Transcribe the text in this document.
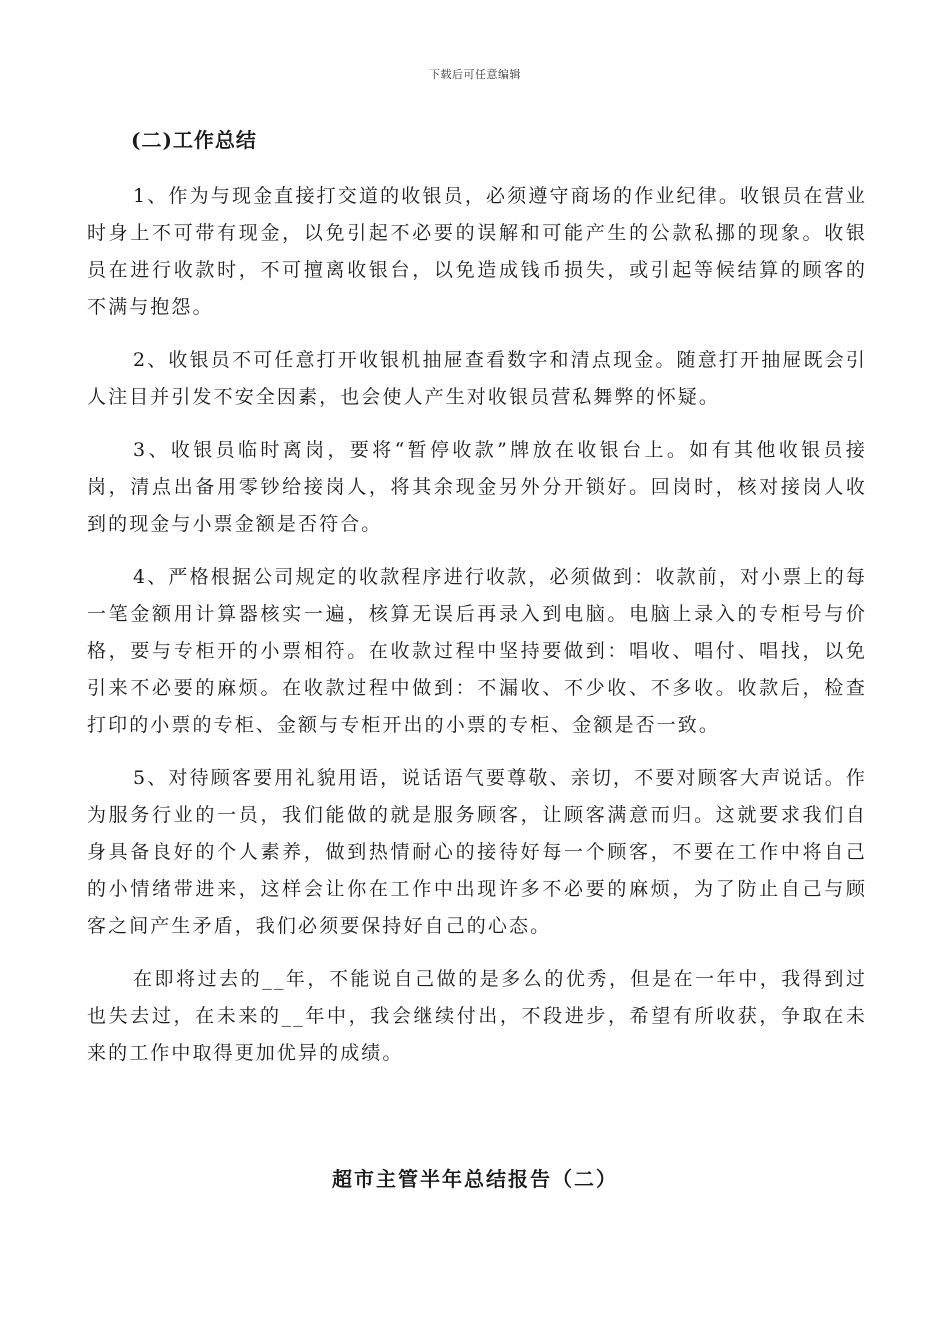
下载后可任意编辑
(二)工作总结

1、作为与现金直接打交道的收银员，必须遵守商场的作业纪律。收银员在营业时身上不可带有现金，以免引起不必要的误解和可能产生的公款私挪的现象。收银员在进行收款时，不可擅离收银台，以免造成钱币损失，或引起等候结算的顾客的不满与抱怨。

2、收银员不可任意打开收银机抽屉查看数字和清点现金。随意打开抽屉既会引人注目并引发不安全因素，也会使人产生对收银员营私舞弊的怀疑。

3、收银员临时离岗，要将“暂停收款”牌放在收银台上。如有其他收银员接岗，清点出备用零钞给接岗人，将其余现金另外分开锁好。回岗时，核对接岗人收到的现金与小票金额是否符合。

4、严格根据公司规定的收款程序进行收款，必须做到：收款前，对小票上的每一笔金额用计算器核实一遍，核算无误后再录入到电脑。电脑上录入的专柜号与价格，要与专柜开的小票相符。在收款过程中坚持要做到：唱收、唱付、唱找，以免引来不必要的麻烦。在收款过程中做到：不漏收、不少收、不多收。收款后，检查打印的小票的专柜、金额与专柜开出的小票的专柜、金额是否一致。

5、对待顾客要用礼貌用语，说话语气要尊敬、亲切，不要对顾客大声说话。作为服务行业的一员，我们能做的就是服务顾客，让顾客满意而归。这就要求我们自身具备良好的个人素养，做到热情耐心的接待好每一个顾客，不要在工作中将自己的小情绪带进来，这样会让你在工作中出现许多不必要的麻烦，为了防止自己与顾客之间产生矛盾，我们必须要保持好自己的心态。

在即将过去的__年，不能说自己做的是多么的优秀，但是在一年中，我得到过也失去过，在未来的__年中，我会继续付出，不段进步，希望有所收获，争取在未来的工作中取得更加优异的成绩。

超市主管半年总结报告（二）
